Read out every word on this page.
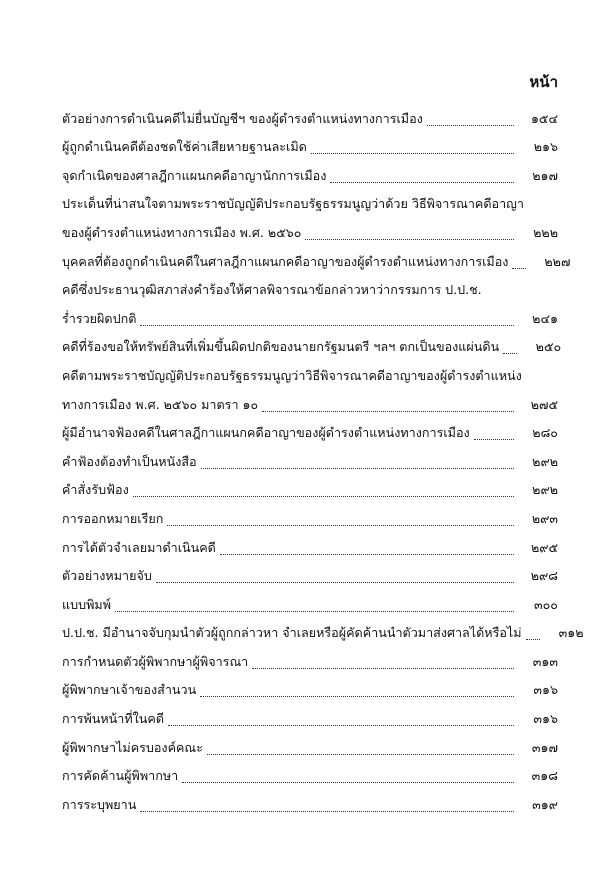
หน้า
ตัวอย่างการดำเนินคดีไม่ยื่นบัญชีฯ ของผู้ดำรงตำแหน่งทางการเมือง	๑๕๔
ผู้ถูกดำเนินคดีต้องชดใช้ค่าเสียหายฐานละเมิด	๒๑๖
จุดกำเนิดของศาลฎีกาแผนกคดีอาญานักการเมือง	๒๑๗
ประเด็นที่น่าสนใจตามพระราชบัญญัติประกอบรัฐธรรมนูญว่าด้วย วิธีพิจารณาคดีอาญา
ของผู้ดำรงตำแหน่งทางการเมือง พ.ศ. ๒๕๖๐	๒๒๒
บุคคลที่ต้องถูกดำเนินคดีในศาลฎีกาแผนกคดีอาญาของผู้ดำรงตำแหน่งทางการเมือง	๒๒๗
คดีซึ่งประธานวุฒิสภาส่งคำร้องให้ศาลพิจารณาข้อกล่าวหาว่ากรรมการ ป.ป.ช.
ร่ำรวยผิดปกติ	๒๔๑
คดีที่ร้องขอให้ทรัพย์สินที่เพิ่มขึ้นผิดปกติของนายกรัฐมนตรี ฯลฯ ตกเป็นของแผ่นดิน	๒๕๐
คดีตามพระราชบัญญัติประกอบรัฐธรรมนูญว่าวิธีพิจารณาคดีอาญาของผู้ดำรงตำแหน่ง
ทางการเมือง พ.ศ. ๒๕๖๐ มาตรา ๑๐	๒๗๕
ผู้มีอำนาจฟ้องคดีในศาลฎีกาแผนกคดีอาญาของผู้ดำรงตำแหน่งทางการเมือง	๒๘๐
คำฟ้องต้องทำเป็นหนังสือ	๒๙๒
คำสั่งรับฟ้อง	๒๙๒
การออกหมายเรียก	๒๙๓
การได้ตัวจำเลยมาดำเนินคดี	๒๙๕
ตัวอย่างหมายจับ	๒๙๘
แบบพิมพ์	๓๐๐
ป.ป.ช. มีอำนาจจับกุมนำตัวผู้ถูกกล่าวหา จำเลยหรือผู้คัดค้านนำตัวมาส่งศาลได้หรือไม่	๓๑๒
การกำหนดตัวผู้พิพากษาผู้พิจารณา	๓๑๓
ผู้พิพากษาเจ้าของสำนวน	๓๑๖
การพ้นหน้าที่ในคดี	๓๑๖
ผู้พิพากษาไม่ครบองค์คณะ	๓๑๗
การคัดค้านผู้พิพากษา	๓๑๘
การระบุพยาน	๓๑๙
